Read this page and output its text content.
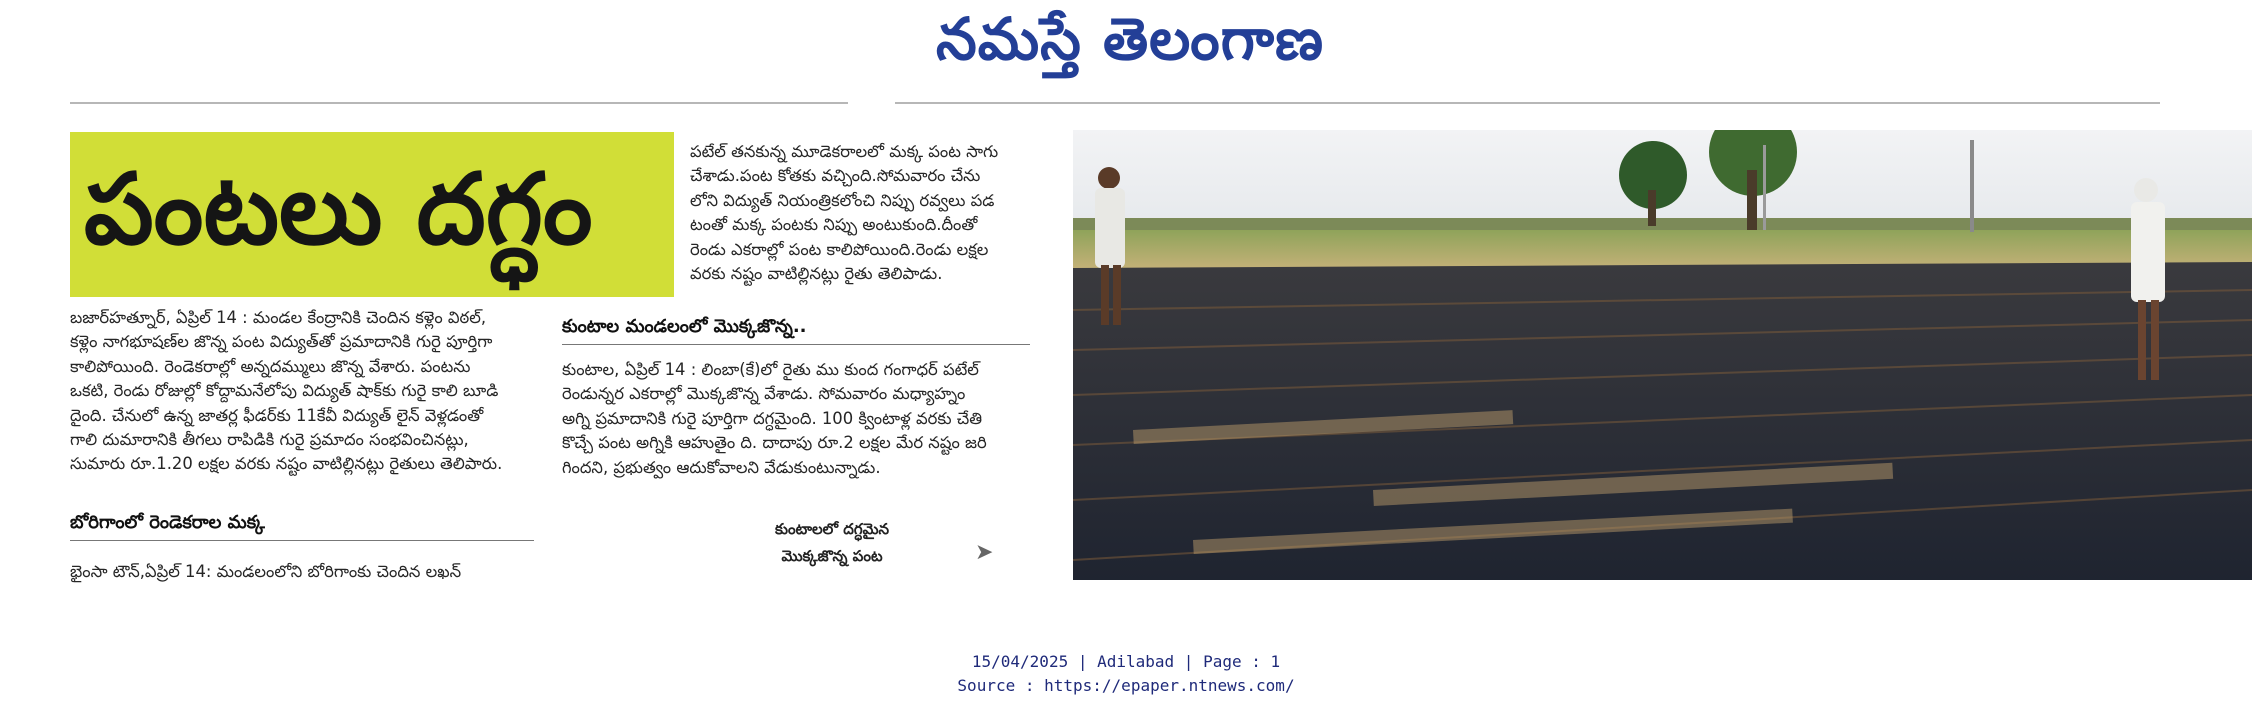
నమస్తే తెలంగాణ
పంటలు దగ్ధం
బజార్‌హత్నూర్, ఏప్రిల్ 14 : మండల కేంద్రానికి చెందిన కళ్లెం విఠల్,
కళ్లెం నాగభూషణ్‌ల జొన్న పంట విద్యుత్‌తో ప్రమాదానికి గురై పూర్తిగా
కాలిపోయింది. రెండెకరాల్లో అన్నదమ్ములు జొన్న వేశారు. పంటను
ఒకటి, రెండు రోజుల్లో కోద్దామనేలోపు విద్యుత్ షాక్‌కు గురై కాలి బూడి
దైంది. చేనులో ఉన్న జాతర్ల ఫీడర్‌కు 11కేవీ విద్యుత్ లైన్ వెళ్లడంతో
గాలి దుమారానికి తీగలు రాపిడికి గురై ప్రమాదం సంభవించినట్లు,
సుమారు రూ.1.20 లక్షల వరకు నష్టం వాటిల్లినట్లు రైతులు తెలిపారు.
బోరిగాంలో రెండెకరాల మక్క
భైంసా టౌన్,ఏప్రిల్ 14: మండలంలోని బోరిగాంకు చెందిన లఖన్
పటేల్ తనకున్న మూడెకరాలలో మక్క పంట సాగు
చేశాడు.పంట కోతకు వచ్చింది.సోమవారం చేను
లోని విద్యుత్ నియంత్రికలోంచి నిప్పు రవ్వలు పడ
టంతో మక్క పంటకు నిప్పు అంటుకుంది.దీంతో
రెండు ఎకరాల్లో పంట కాలిపోయింది.రెండు లక్షల
వరకు నష్టం వాటిల్లినట్లు రైతు తెలిపాడు.
కుంటాల మండలంలో మొక్కజొన్న..
కుంటాల, ఏప్రిల్ 14 : లింబా(కే)లో రైతు ము కుంద గంగాధర్ పటేల్
రెండున్నర ఎకరాల్లో మొక్కజొన్న వేశాడు. సోమవారం మధ్యాహ్నం
అగ్ని ప్రమాదానికి గురై పూర్తిగా దగ్ధమైంది. 100 క్వింటాళ్ల వరకు చేతి
కొచ్చే పంట అగ్నికి ఆహుతైం ది. దాదాపు రూ.2 లక్షల మేర నష్టం జరి
గిందని, ప్రభుత్వం ఆదుకోవాలని వేడుకుంటున్నాడు.
కుంటాలలో దగ్ధమైన
మొక్కజొన్న పంట	➤
15/04/2025 | Adilabad | Page : 1
Source : https://epaper.ntnews.com/
